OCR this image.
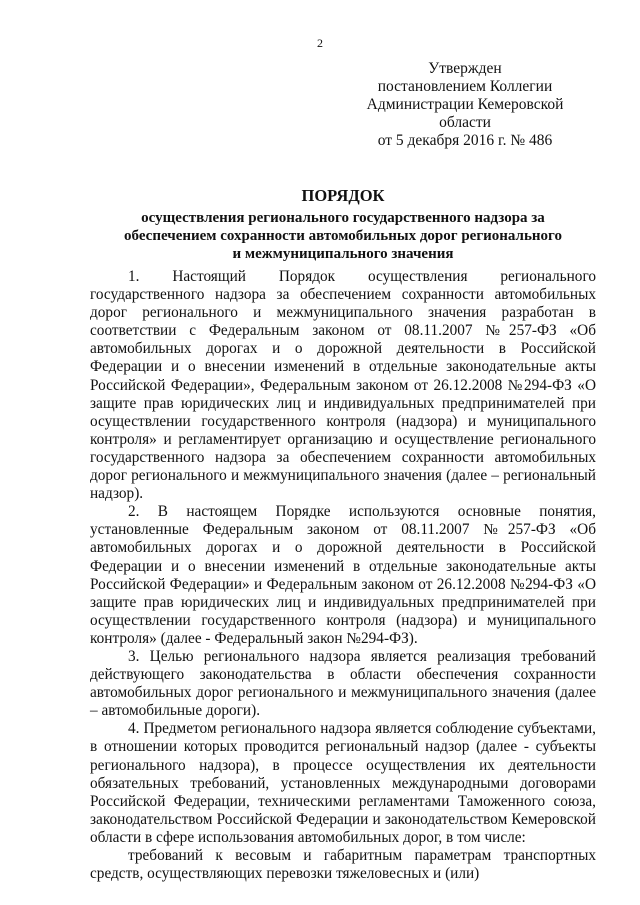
2
Утвержден
постановлением Коллегии
Администрации Кемеровской области
от 5 декабря 2016 г. № 486
ПОРЯДОК
осуществления регионального государственного надзора за
обеспечением сохранности автомобильных дорог регионального
и межмуниципального значения

1. Настоящий Порядок осуществления регионального государственного надзора за обеспечением сохранности автомобильных дорог регионального и межмуниципального значения разработан в соответствии с Федеральным законом от 08.11.2007 №257-ФЗ «Об автомобильных дорогах и о дорожной деятельности в Российской Федерации и о внесении изменений в отдельные законодательные акты Российской Федерации», Федеральным законом от 26.12.2008 №294-ФЗ «О защите прав юридических лиц и индивидуальных предпринимателей при осуществлении государственного контроля (надзора) и муниципального контроля» и регламентирует организацию и осуществление регионального государственного надзора за обеспечением сохранности автомобильных дорог регионального и межмуниципального значения (далее – региональный надзор).

2. В настоящем Порядке используются основные понятия, установленные Федеральным законом от 08.11.2007 №257-ФЗ «Об автомобильных дорогах и о дорожной деятельности в Российской Федерации и о внесении изменений в отдельные законодательные акты Российской Федерации» и Федеральным законом от 26.12.2008 №294-ФЗ «О защите прав юридических лиц и индивидуальных предпринимателей при осуществлении государственного контроля (надзора) и муниципального контроля» (далее - Федеральный закон №294-ФЗ).

3. Целью регионального надзора является реализация требований действующего законодательства в области обеспечения сохранности автомобильных дорог регионального и межмуниципального значения (далее – автомобильные дороги).

4. Предметом регионального надзора является соблюдение субъектами, в отношении которых проводится региональный надзор (далее - субъекты регионального надзора), в процессе осуществления их деятельности обязательных требований, установленных международными договорами Российской Федерации, техническими регламентами Таможенного союза, законодательством Российской Федерации и законодательством Кемеровской области в сфере использования автомобильных дорог, в том числе:

требований к весовым и габаритным параметрам транспортных средств, осуществляющих перевозки тяжеловесных и (или)
